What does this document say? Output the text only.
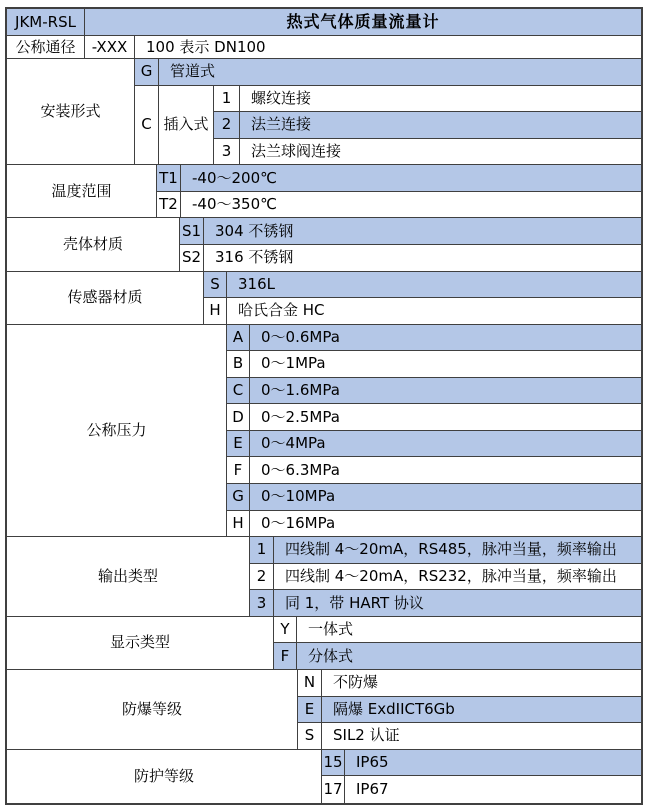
JKM-RSL	热式气体质量流量计
公称通径	-XXX	100 表示 DN100
安装形式
G	管道式
C 插入式
1	螺纹连接
2	法兰连接
3	法兰球阀连接
温度范围
T1 -40～200℃
T2 -40～350℃
壳体材质
S1 304 不锈钢
S2 316 不锈钢
传感器材质
S	316L
H	哈氏合金 HC
公称压力
A	0～0.6MPa
B	0～1MPa
C	0～1.6MPa
D	0～2.5MPa
E	0～4MPa
F	0～6.3MPa
G	0～10MPa
H	0～16MPa
输出类型
1	四线制 4～20mA，RS485，脉冲当量，频率输出
2	四线制 4～20mA，RS232，脉冲当量，频率输出
3	同 1，带 HART 协议
显示类型
Y	一体式
F	分体式
防爆等级
N	不防爆
E	隔爆 ExdIICT6Gb
S	SIL2 认证
防护等级
15 IP65
17 IP67
